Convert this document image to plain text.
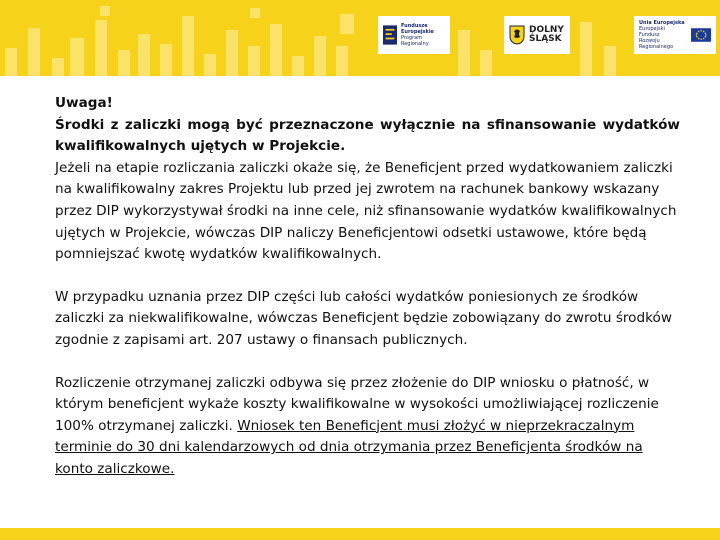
Fundusze
Europejskie
Program Regionalny
DOLNY
ŚLĄSK
Unia Europejska
Europejski Fundusz
Rozwoju Regionalnego

Uwaga!

Środki z zaliczki mogą być przeznaczone wyłącznie na sfinansowanie wydatków kwalifikowalnych ujętych w Projekcie.

Jeżeli na etapie rozliczania zaliczki okaże się, że Beneficjent przed wydatkowaniem zaliczki na kwalifikowalny zakres Projektu lub przed jej zwrotem na rachunek bankowy wskazany przez DIP wykorzystywał środki na inne cele, niż sfinansowanie wydatków kwalifikowalnych ujętych w Projekcie, wówczas DIP naliczy Beneficjentowi odsetki ustawowe, które będą pomniejszać kwotę wydatków kwalifikowalnych.

W przypadku uznania przez DIP części lub całości wydatków poniesionych ze środków zaliczki za niekwalifikowalne, wówczas Beneficjent będzie zobowiązany do zwrotu środków zgodnie z zapisami art. 207 ustawy o finansach publicznych.

Rozliczenie otrzymanej zaliczki odbywa się przez złożenie do DIP wniosku o płatność, w którym beneficjent wykaże koszty kwalifikowalne w wysokości umożliwiającej rozliczenie 100% otrzymanej zaliczki. Wniosek ten Beneficjent musi złożyć w nieprzekraczalnym terminie do 30 dni kalendarzowych od dnia otrzymania przez Beneficjenta środków na konto zaliczkowe.
